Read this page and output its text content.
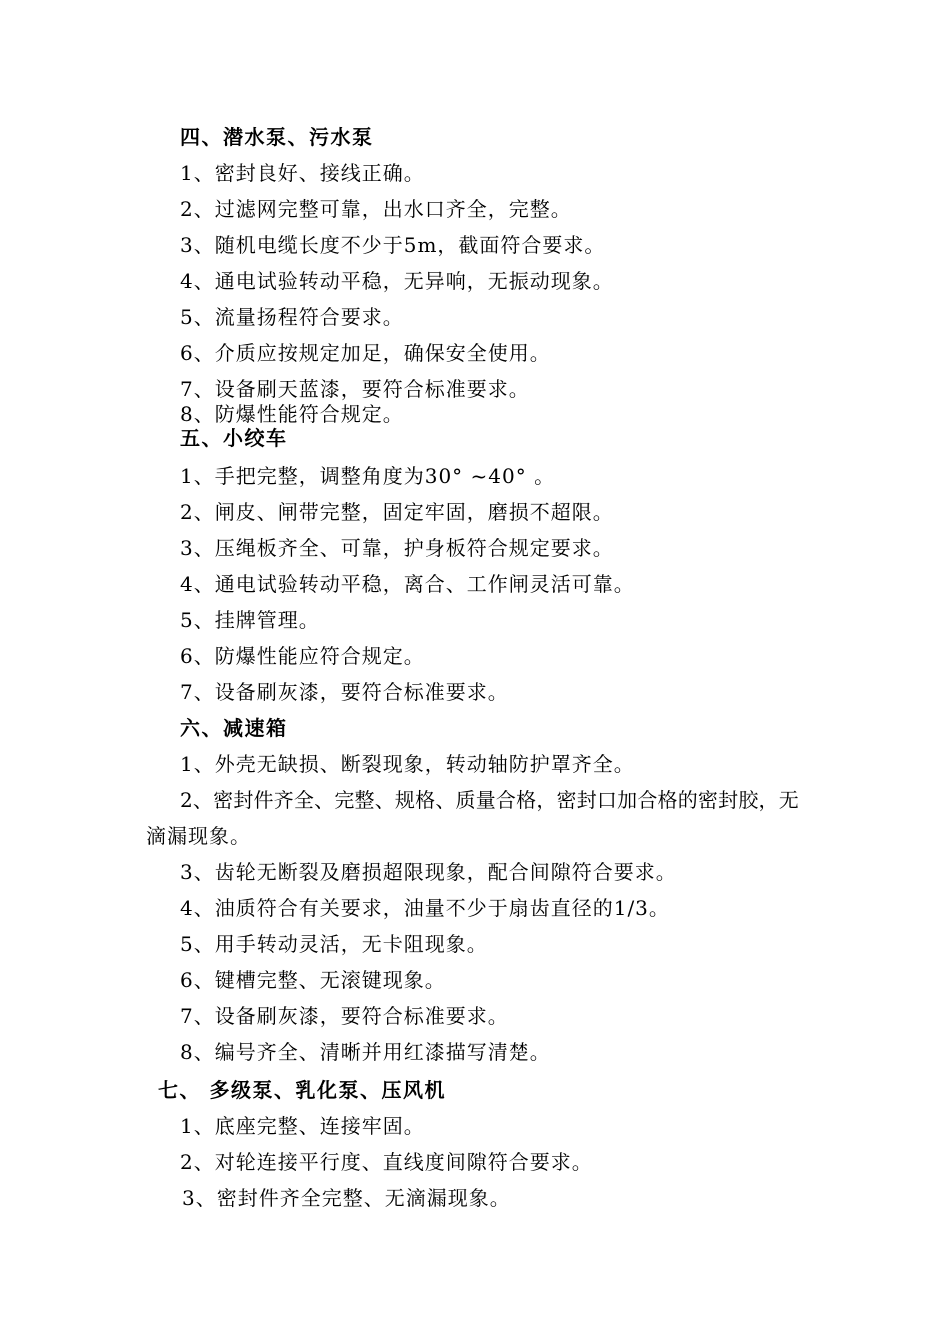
四、潜水泵、污水泵
1、密封良好、接线正确。
2、过滤网完整可靠，出水口齐全，完整。
3、随机电缆长度不少于5m，截面符合要求。
4、通电试验转动平稳，无异响，无振动现象。
5、流量扬程符合要求。
6、介质应按规定加足，确保安全使用。
7、设备刷天蓝漆，要符合标准要求。
8、防爆性能符合规定。
五、小绞车
1、手把完整，调整角度为30° ~40° 。
2、闸皮、闸带完整，固定牢固，磨损不超限。
3、压绳板齐全、可靠，护身板符合规定要求。
4、通电试验转动平稳，离合、工作闸灵活可靠。
5、挂牌管理。
6、防爆性能应符合规定。
7、设备刷灰漆，要符合标准要求。
六、减速箱
1、外壳无缺损、断裂现象，转动轴防护罩齐全。
2、密封件齐全、完整、规格、质量合格，密封口加合格的密封胶，无
滴漏现象。
3、齿轮无断裂及磨损超限现象，配合间隙符合要求。
4、油质符合有关要求，油量不少于扇齿直径的1/3。
5、用手转动灵活，无卡阻现象。
6、键槽完整、无滚键现象。
7、设备刷灰漆，要符合标准要求。
8、编号齐全、清晰并用红漆描写清楚。
七、 多级泵、乳化泵、压风机
1、底座完整、连接牢固。
2、对轮连接平行度、直线度间隙符合要求。
3、密封件齐全完整、无滴漏现象。
